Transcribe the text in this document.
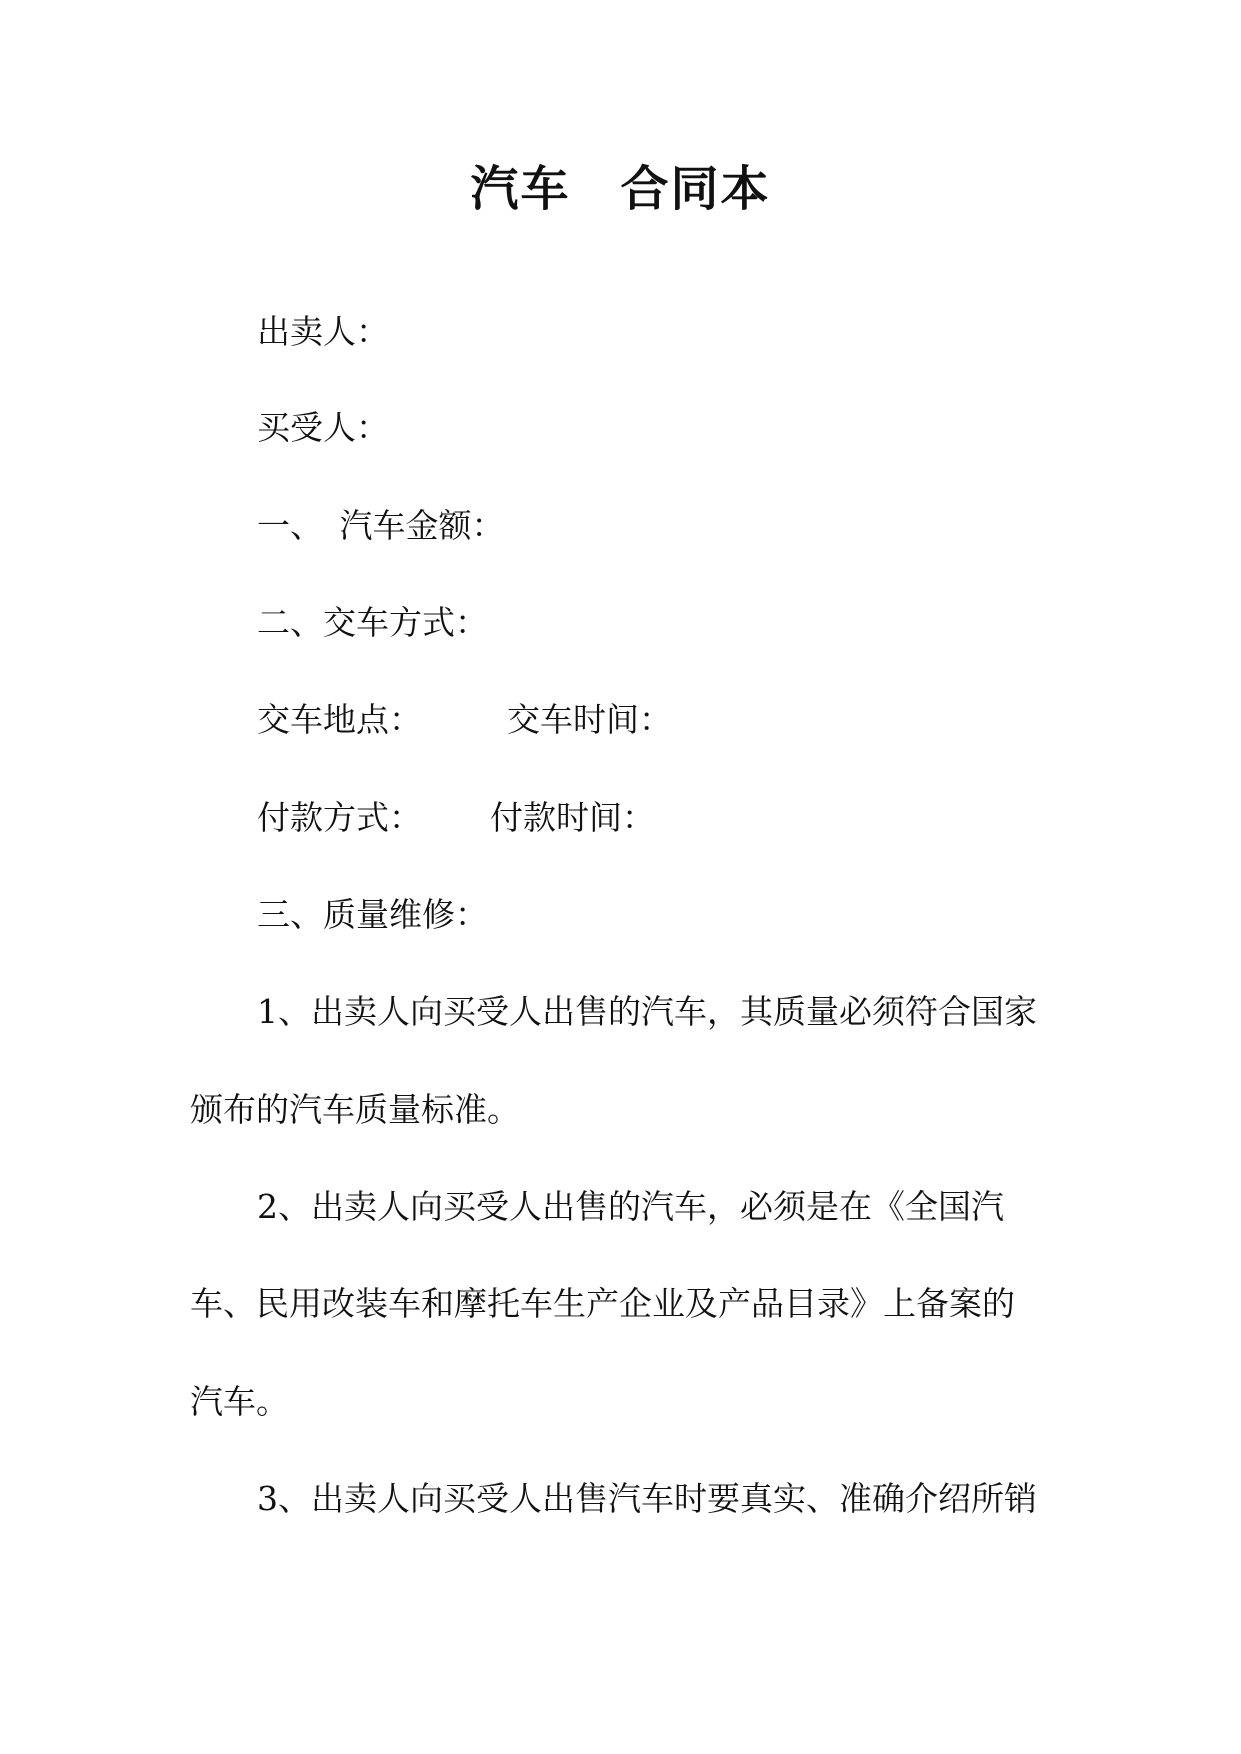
汽车　合同本
出卖人：
买受人：
一、　汽车金额：
二、交车方式：
交车地点：	交车时间：
付款方式： 付款时间：
三、质量维修：
1、出卖人向买受人出售的汽车，其质量必须符合国家
颁布的汽车质量标准。
2、出卖人向买受人出售的汽车，必须是在《全国汽
车、民用改装车和摩托车生产企业及产品目录》上备案的
汽车。
3、出卖人向买受人出售汽车时要真实、准确介绍所销
